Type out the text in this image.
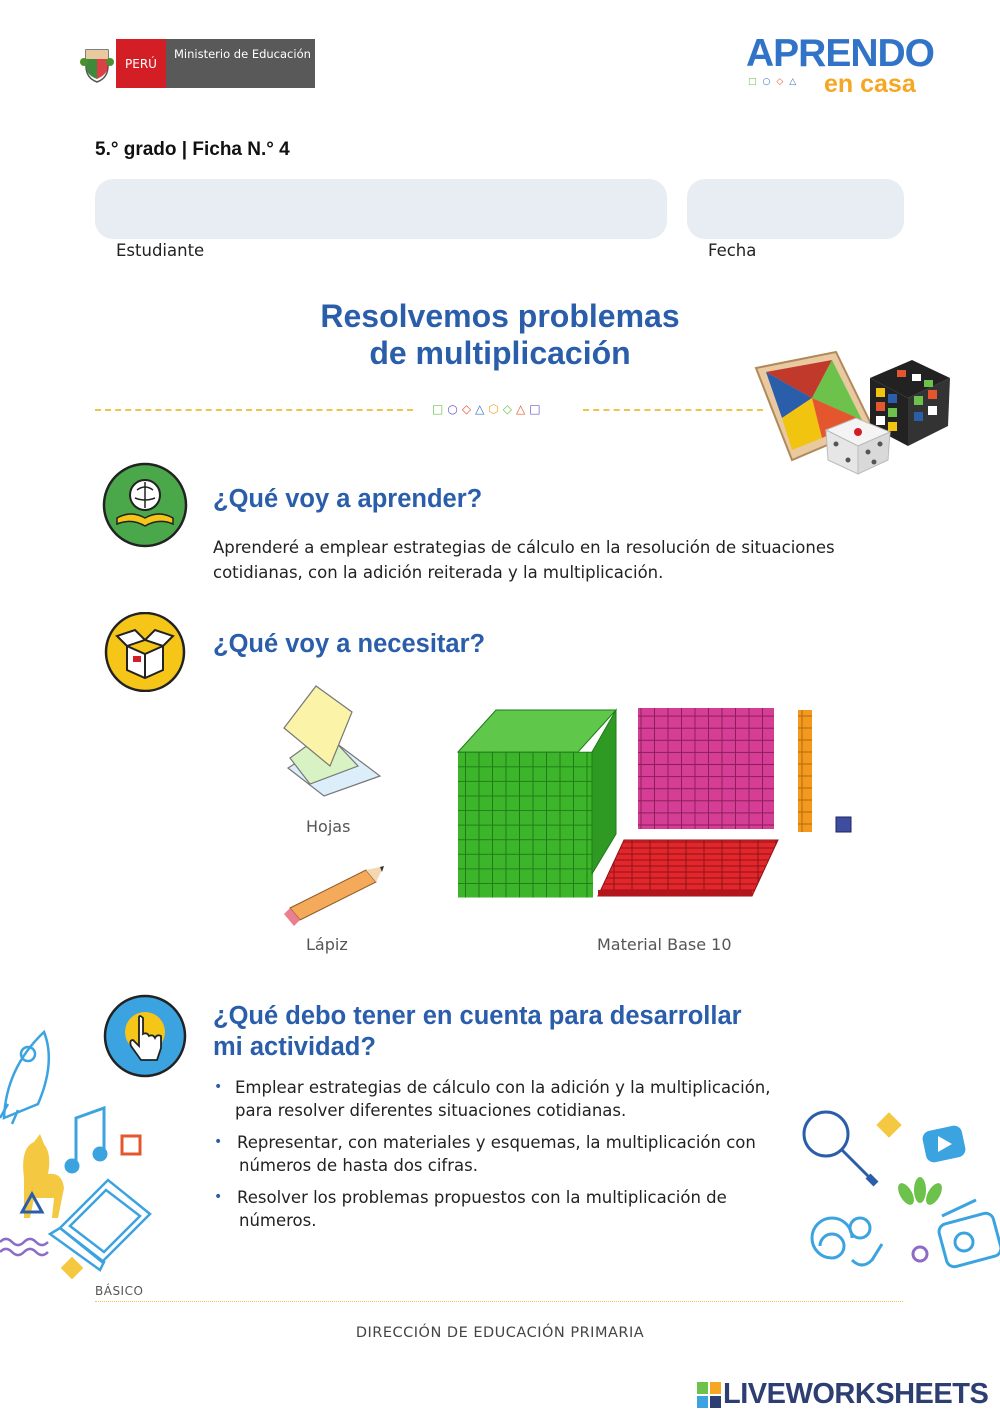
PERÚ
Ministerio de Educación	APRENDO
□○◇△ en casa
5.° grado | Ficha N.° 4
Estudiante	Fecha
Resolvemos problemas
de multiplicación
□○◇△⬡◇△□
¿Qué voy a aprender?
Aprenderé a emplear estrategias de cálculo en la resolución de situaciones
cotidianas, con la adición reiterada y la multiplicación.
¿Qué voy a necesitar?
Hojas
Lápiz	Material Base 10
¿Qué debo tener en cuenta para desarrollar
mi actividad?
• Emplear estrategias de cálculo con la adición y la multiplicación,
para resolver diferentes situaciones cotidianas.
• Representar, con materiales y esquemas, la multiplicación con
números de hasta dos cifras.
• Resolver los problemas propuestos con la multiplicación de
números.
BÁSICO
DIRECCIÓN DE EDUCACIÓN PRIMARIA
LIVEWORKSHEETS
